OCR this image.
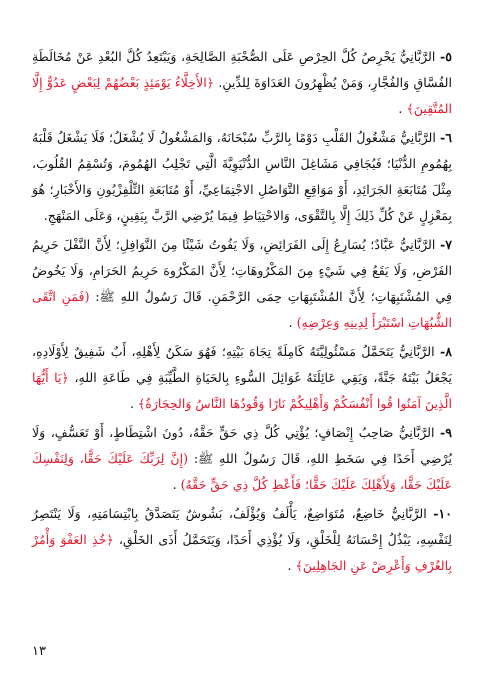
٥- الرَّبَّانِيُّ يَحْرِصُ كُلَّ الحِرْصِ عَلَى الصُّحْبَةِ الصَّالِحَةِ، وَيَبْتَعِدُ كُلَّ البُعْدِ عَنْ مُخَالَطَةِ الفُسَّاقِ وَالفُجَّارِ، وَمَنْ يُظْهِرُونَ العَدَاوَةَ لِلدِّينِ. ﴿الأَخِلَّاءُ يَوْمَئِذٍ بَعْضُهُمْ لِبَعْضٍ عَدُوٌّ إِلَّا المُتَّقِينَ﴾ .

٦- الرَّبَّانِيُّ مَشْغُولُ القَلْبِ دَوْمًا بِالرَّبِّ سُبْحَانَهُ، وَالمَشْغُولُ لَا يُشْغَلُ؛ فَلَا يَشْغَلُ قَلْبَهُ بِهُمُومِ الدُّنْيَا؛ فَيُجَافِي مَشَاغِلَ النَّاسِ الدُّنْيَوِيَّةَ الَّتِي تَجْلِبُ الهُمُومَ، وَتُسْقِمُ القُلُوبَ، مِثْلَ مُتَابَعَةِ الجَرَائِدِ، أَوْ مَوَاقِعِ التَّوَاصُلِ الاجْتِمَاعِيِّ، أَوْ مُتَابَعَةِ التِّلْفِزْيُونِ وَالأَخْبَارِ؛ هُوَ بِمَعْزِلٍ عَنْ كُلِّ ذَلِكَ إِلَّا بِالتَّقْوَى، وَالاحْتِيَاطِ فِيمَا يُرْضِي الرَّبَّ بِيَقِينٍ، وَعَلَى المَنْهَجِ.

٧- الرَّبَّانِيُّ عَبَّادٌ؛ يُسَارِعُ إِلَى الفَرَائِضِ، وَلَا يَفُوتُ شَيْئًا مِنَ النَّوَافِلِ؛ لِأَنَّ النَّفْلَ حَرِيمُ الفَرْضِ، وَلَا يَقَعُ فِي شَيْءٍ مِنَ المَكْرُوهَاتِ؛ لِأَنَّ المَكْرُوهَ حَرِيمُ الحَرَامِ، وَلَا يَخُوضُ فِي المُشْتَبِهَاتِ؛ لِأَنَّ المُشْتَبِهَاتِ حِمَى الرَّحْمَنِ. قَالَ رَسُولُ اللهِ ﷺ: (فَمَنِ اتَّقَى الشُّبُهَاتِ اسْتَبْرَأَ لِدِينِهِ وَعِرْضِهِ) .

٨- الرَّبَّانِيُّ يَتَحَمَّلُ مَسْئُولِيَّتَهُ كَامِلَةً تِجَاهَ بَيْتِهِ؛ فَهُوَ سَكَنٌ لِأَهْلِهِ، أَبٌ شَفِيقٌ لِأَوْلَادِهِ، يَجْعَلُ بَيْتَهُ جَنَّةً، وَيَقِي عَائِلَتَهُ غَوَائِلَ السُّوءِ بِالحَيَاةِ الطَّيِّبَةِ فِي طَاعَةِ اللهِ، ﴿يَا أَيُّهَا الَّذِينَ آمَنُوا قُوا أَنْفُسَكُمْ وَأَهْلِيكُمْ نَارًا وَقُودُهَا النَّاسُ وَالحِجَارَةُ﴾ .

٩- الرَّبَّانِيُّ صَاحِبُ إِنْصَافٍ؛ يُؤْتِي كُلَّ ذِي حَقٍّ حَقَّهُ، دُونَ اشْتِطَاطٍ، أَوْ تَعَسُّفٍ، وَلَا يُرْضِي أَحَدًا فِي سَخَطِ اللهِ، قَالَ رَسُولُ اللهِ ﷺ: (إِنَّ لِرَبِّكَ عَلَيْكَ حَقًّا، وَلِنَفْسِكَ عَلَيْكَ حَقًّا، وَلِأَهْلِكَ عَلَيْكَ حَقًّا؛ فَأَعْطِ كُلَّ ذِي حَقٍّ حَقَّهُ) .

١٠- الرَّبَّانِيُّ خَاضِعٌ، مُتَوَاضِعٌ، يَأْلَفُ وَيُؤْلَفُ، بَشُوشٌ يَتَصَدَّقُ بِابْتِسَامَتِهِ، وَلَا يَنْتَصِرُ لِنَفْسِهِ، يَبْذُلُ إِحْسَانَهُ لِلْخَلْقِ، وَلَا يُؤْذِي أَحَدًا، وَيَتَحَمَّلُ أَذَى الخَلْقِ، ﴿خُذِ العَفْوَ وَأْمُرْ بِالعُرْفِ وَأَعْرِضْ عَنِ الجَاهِلِينَ﴾ .

١٣
